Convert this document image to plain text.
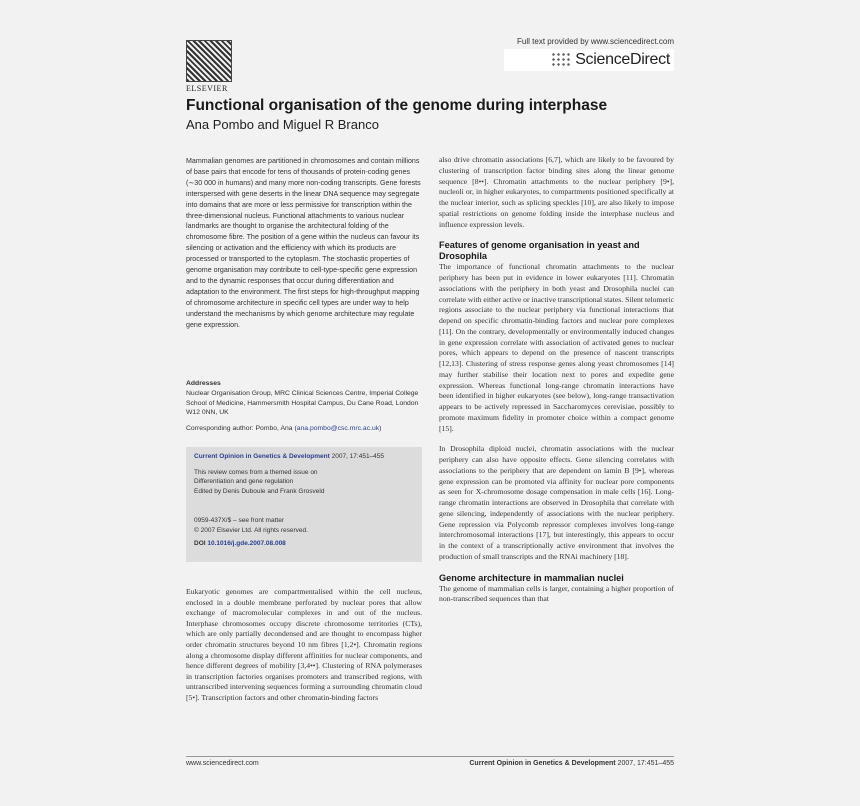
ELSEVIER
Full text provided by www.sciencedirect.com
ScienceDirect
Functional organisation of the genome during interphase
Ana Pombo and Miguel R Branco
Mammalian genomes are partitioned in chromosomes and contain millions of base pairs that encode for tens of thousands of protein-coding genes (∼30 000 in humans) and many more non-coding transcripts. Gene forests interspersed with gene deserts in the linear DNA sequence may segregate into domains that are more or less permissive for transcription within the three-dimensional nucleus. Functional attachments to various nuclear landmarks are thought to organise the architectural folding of the chromosome fibre. The position of a gene within the nucleus can favour its silencing or activation and the efficiency with which its products are processed or transported to the cytoplasm. The stochastic properties of genome organisation may contribute to cell-type-specific gene expression and to the dynamic responses that occur during differentiation and adaptation to the environment. The first steps for high-throughput mapping of chromosome architecture in specific cell types are under way to help understand the mechanisms by which genome architecture may regulate gene expression.
Addresses
Nuclear Organisation Group, MRC Clinical Sciences Centre, Imperial College School of Medicine, Hammersmith Hospital Campus, Du Cane Road, London W12 0NN, UK
Corresponding author: Pombo, Ana (ana.pombo@csc.mrc.ac.uk)
Current Opinion in Genetics & Development 2007, 17:451–455
This review comes from a themed issue on
Differentiation and gene regulation
Edited by Denis Duboule and Frank Grosveld
0959-437X/$ – see front matter
© 2007 Elsevier Ltd. All rights reserved.
DOI 10.1016/j.gde.2007.08.008
Eukaryotic genomes are compartmentalised within the cell nucleus, enclosed in a double membrane perforated by nuclear pores that allow exchange of macromolecular complexes in and out of the nucleus. Interphase chromosomes occupy discrete chromosome territories (CTs), which are only partially decondensed and are thought to encompass higher order chromatin structures beyond 10 nm fibres [1,2•]. Chromatin regions along a chromosome display different affinities for nuclear components, and hence different degrees of mobility [3,4••]. Clustering of RNA polymerases in transcription factories organises promoters and transcribed regions, with untranscribed intervening sequences forming a surrounding chromatin cloud [5•]. Transcription factors and other chromatin-binding factors

also drive chromatin associations [6,7], which are likely to be favoured by clustering of transcription factor binding sites along the linear genome sequence [8••]. Chromatin attachments to the nuclear periphery [9•], nucleoli or, in higher eukaryotes, to compartments positioned specifically at the nuclear interior, such as splicing speckles [10], are also likely to impose spatial restrictions on genome folding inside the interphase nucleus and influence expression levels.

Features of genome organisation in yeast and Drosophila

The importance of functional chromatin attachments to the nuclear periphery has been put in evidence in lower eukaryotes [11]. Chromatin associations with the periphery in both yeast and Drosophila nuclei can correlate with either active or inactive transcriptional states. Silent telomeric regions associate to the nuclear periphery via functional interactions that depend on specific chromatin-binding factors and nuclear pore complexes [11]. On the contrary, developmentally or environmentally induced changes in gene expression correlate with association of activated genes to nuclear pores, which appears to depend on the presence of nascent transcripts [12,13]. Clustering of stress response genes along yeast chromosomes [14] may further stabilise their location next to pores and expedite gene expression. Whereas functional long-range chromatin interactions have been identified in higher eukaryotes (see below), long-range transactivation appears to be actively repressed in Saccharomyces cerevisiae, possibly to promote maximum fidelity in promoter choice within a compact genome [15].

In Drosophila diploid nuclei, chromatin associations with the nuclear periphery can also have opposite effects. Gene silencing correlates with associations to the periphery that are dependent on lamin B [9•], whereas gene expression can be promoted via affinity for nuclear pore components as seen for X-chromosome dosage compensation in male cells [16]. Long-range chromatin interactions are observed in Drosophila that correlate with gene silencing, independently of associations with the nuclear periphery. Gene repression via Polycomb repressor complexes involves long-range interchromosomal interactions [17], but interestingly, this appears to occur in the context of a transcriptionally active environment that involves the production of small transcripts and the RNAi machinery [18].

Genome architecture in mammalian nuclei

The genome of mammalian cells is larger, containing a higher proportion of non-transcribed sequences than that

www.sciencedirect.com	Current Opinion in Genetics & Development 2007, 17:451–455
